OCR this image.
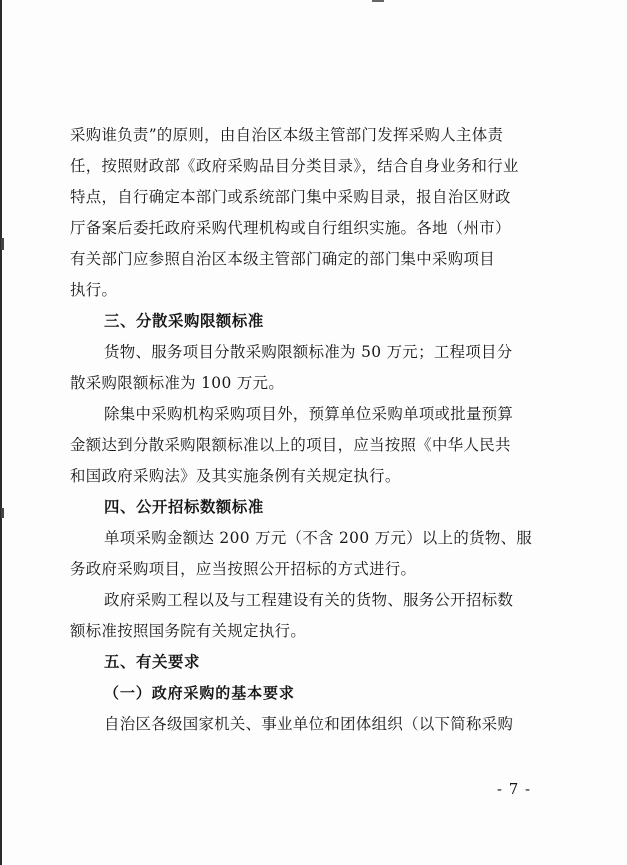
采购谁负责”的原则，由自治区本级主管部门发挥采购人主体责
任，按照财政部《政府采购品目分类目录》，结合自身业务和行业
特点，自行确定本部门或系统部门集中采购目录，报自治区财政
厅备案后委托政府采购代理机构或自行组织实施。各地（州市）
有关部门应参照自治区本级主管部门确定的部门集中采购项目
执行。
三、分散采购限额标准
货物、服务项目分散采购限额标准为 50 万元；工程项目分
散采购限额标准为 100 万元。
除集中采购机构采购项目外，预算单位采购单项或批量预算
金额达到分散采购限额标准以上的项目，应当按照《中华人民共
和国政府采购法》及其实施条例有关规定执行。
四、公开招标数额标准
单项采购金额达 200 万元（不含 200 万元）以上的货物、服
务政府采购项目，应当按照公开招标的方式进行。
政府采购工程以及与工程建设有关的货物、服务公开招标数
额标准按照国务院有关规定执行。
五、有关要求
（一）政府采购的基本要求
自治区各级国家机关、事业单位和团体组织（以下简称采购
- 7 -
